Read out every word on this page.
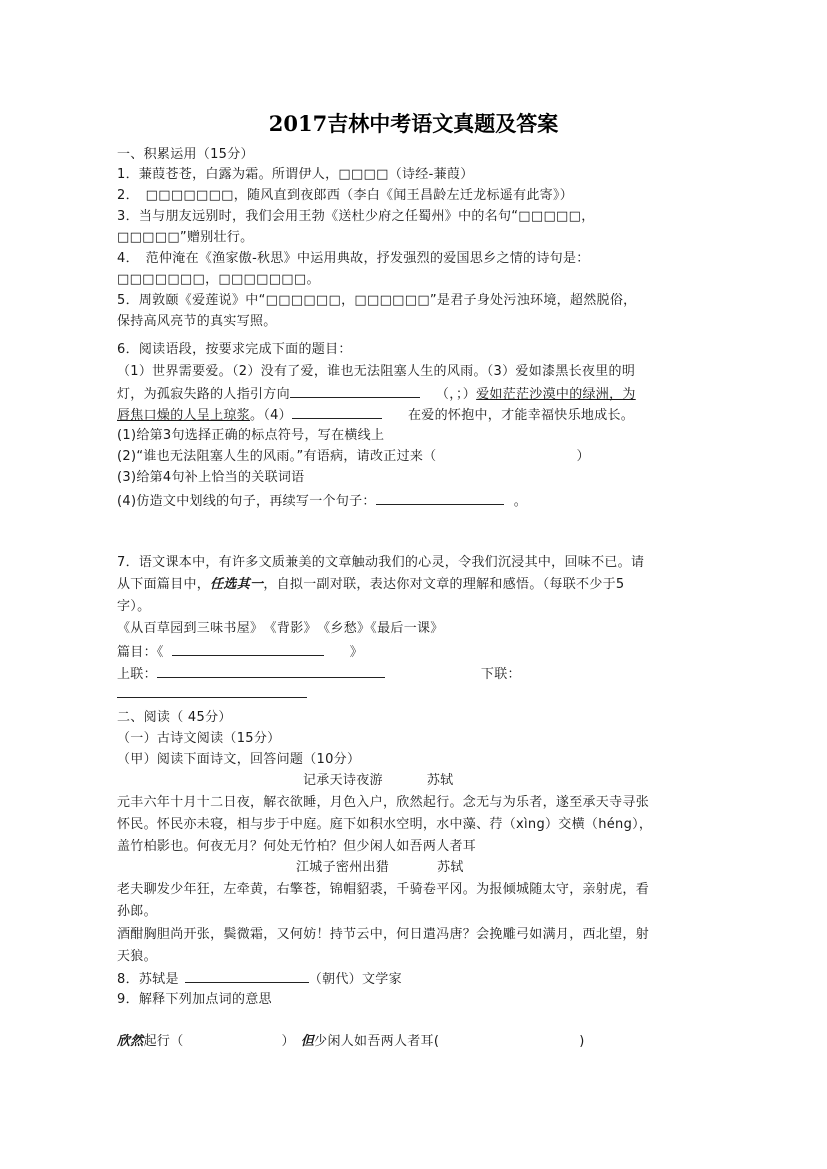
2017吉林中考语文真题及答案
一、积累运用（15分）
1．蒹葭苍苍，白露为霜。所谓伊人，□□□□（诗经-蒹葭）
2．　□□□□□□□，随风直到夜郎西（李白《闻王昌龄左迁龙标遥有此寄》）
3．当与朋友远别时，我们会用王勃《送杜少府之任蜀州》中的名句“□□□□□，
□□□□□”赠别壮行。
4．　范仲淹在《渔家傲-秋思》中运用典故，抒发强烈的爱国思乡之情的诗句是：
□□□□□□□，□□□□□□□。
5．周敦颐《爱莲说》中“□□□□□□，□□□□□□”是君子身处污浊环境，超然脱俗，
保持高风亮节的真实写照。
6．阅读语段，按要求完成下面的题目：
（1）世界需要爱。（2）没有了爱，谁也无法阻塞人生的风雨。（3）爱如漆黑长夜里的明
灯，为孤寂失路的人指引方向	（，；）爱如茫茫沙漠中的绿洲，为
唇焦口燥的人呈上琼浆。（4）	在爱的怀抱中，才能幸福快乐地成长。
(1)给第3句选择正确的标点符号，写在横线上
(2)“谁也无法阻塞人生的风雨。”有语病，请改正过来（	）
(3)给第4句补上恰当的关联词语
(4)仿造文中划线的句子，再续写一个句子：	。
7．语文课本中，有许多文质兼美的文章触动我们的心灵，令我们沉浸其中，回味不已。请
从下面篇目中，任选其一，自拟一副对联，表达你对文章的理解和感悟。（每联不少于5
字）。
《从百草园到三味书屋》　《背影》　《乡愁》《最后一课》
篇目：《	》
上联：	下联：
二、阅读（ 45分）
（一）古诗文阅读（15分）
（甲）阅读下面诗文，回答问题（10分）
记承天诗夜游	苏轼
元丰六年十月十二日夜，解衣欲睡，月色入户，欣然起行。念无与为乐者，遂至承天寺寻张
怀民。怀民亦未寝，相与步于中庭。庭下如积水空明，水中藻、荇（xìng）交横（héng），
盖竹柏影也。何夜无月？何处无竹柏？但少闲人如吾两人者耳
江城子密州出猎	苏轼
老夫聊发少年狂，左牵黄，右擎苍，锦帽貂裘，千骑卷平冈。为报倾城随太守，亲射虎，看
孙郎。
酒酣胸胆尚开张，鬓微霜，又何妨！持节云中，何日遣冯唐？会挽雕弓如满月，西北望，射
天狼。
8．苏轼是	（朝代）文学家
9．解释下列加点词的意思
欣然起行（	） 但少闲人如吾两人者耳(	)
